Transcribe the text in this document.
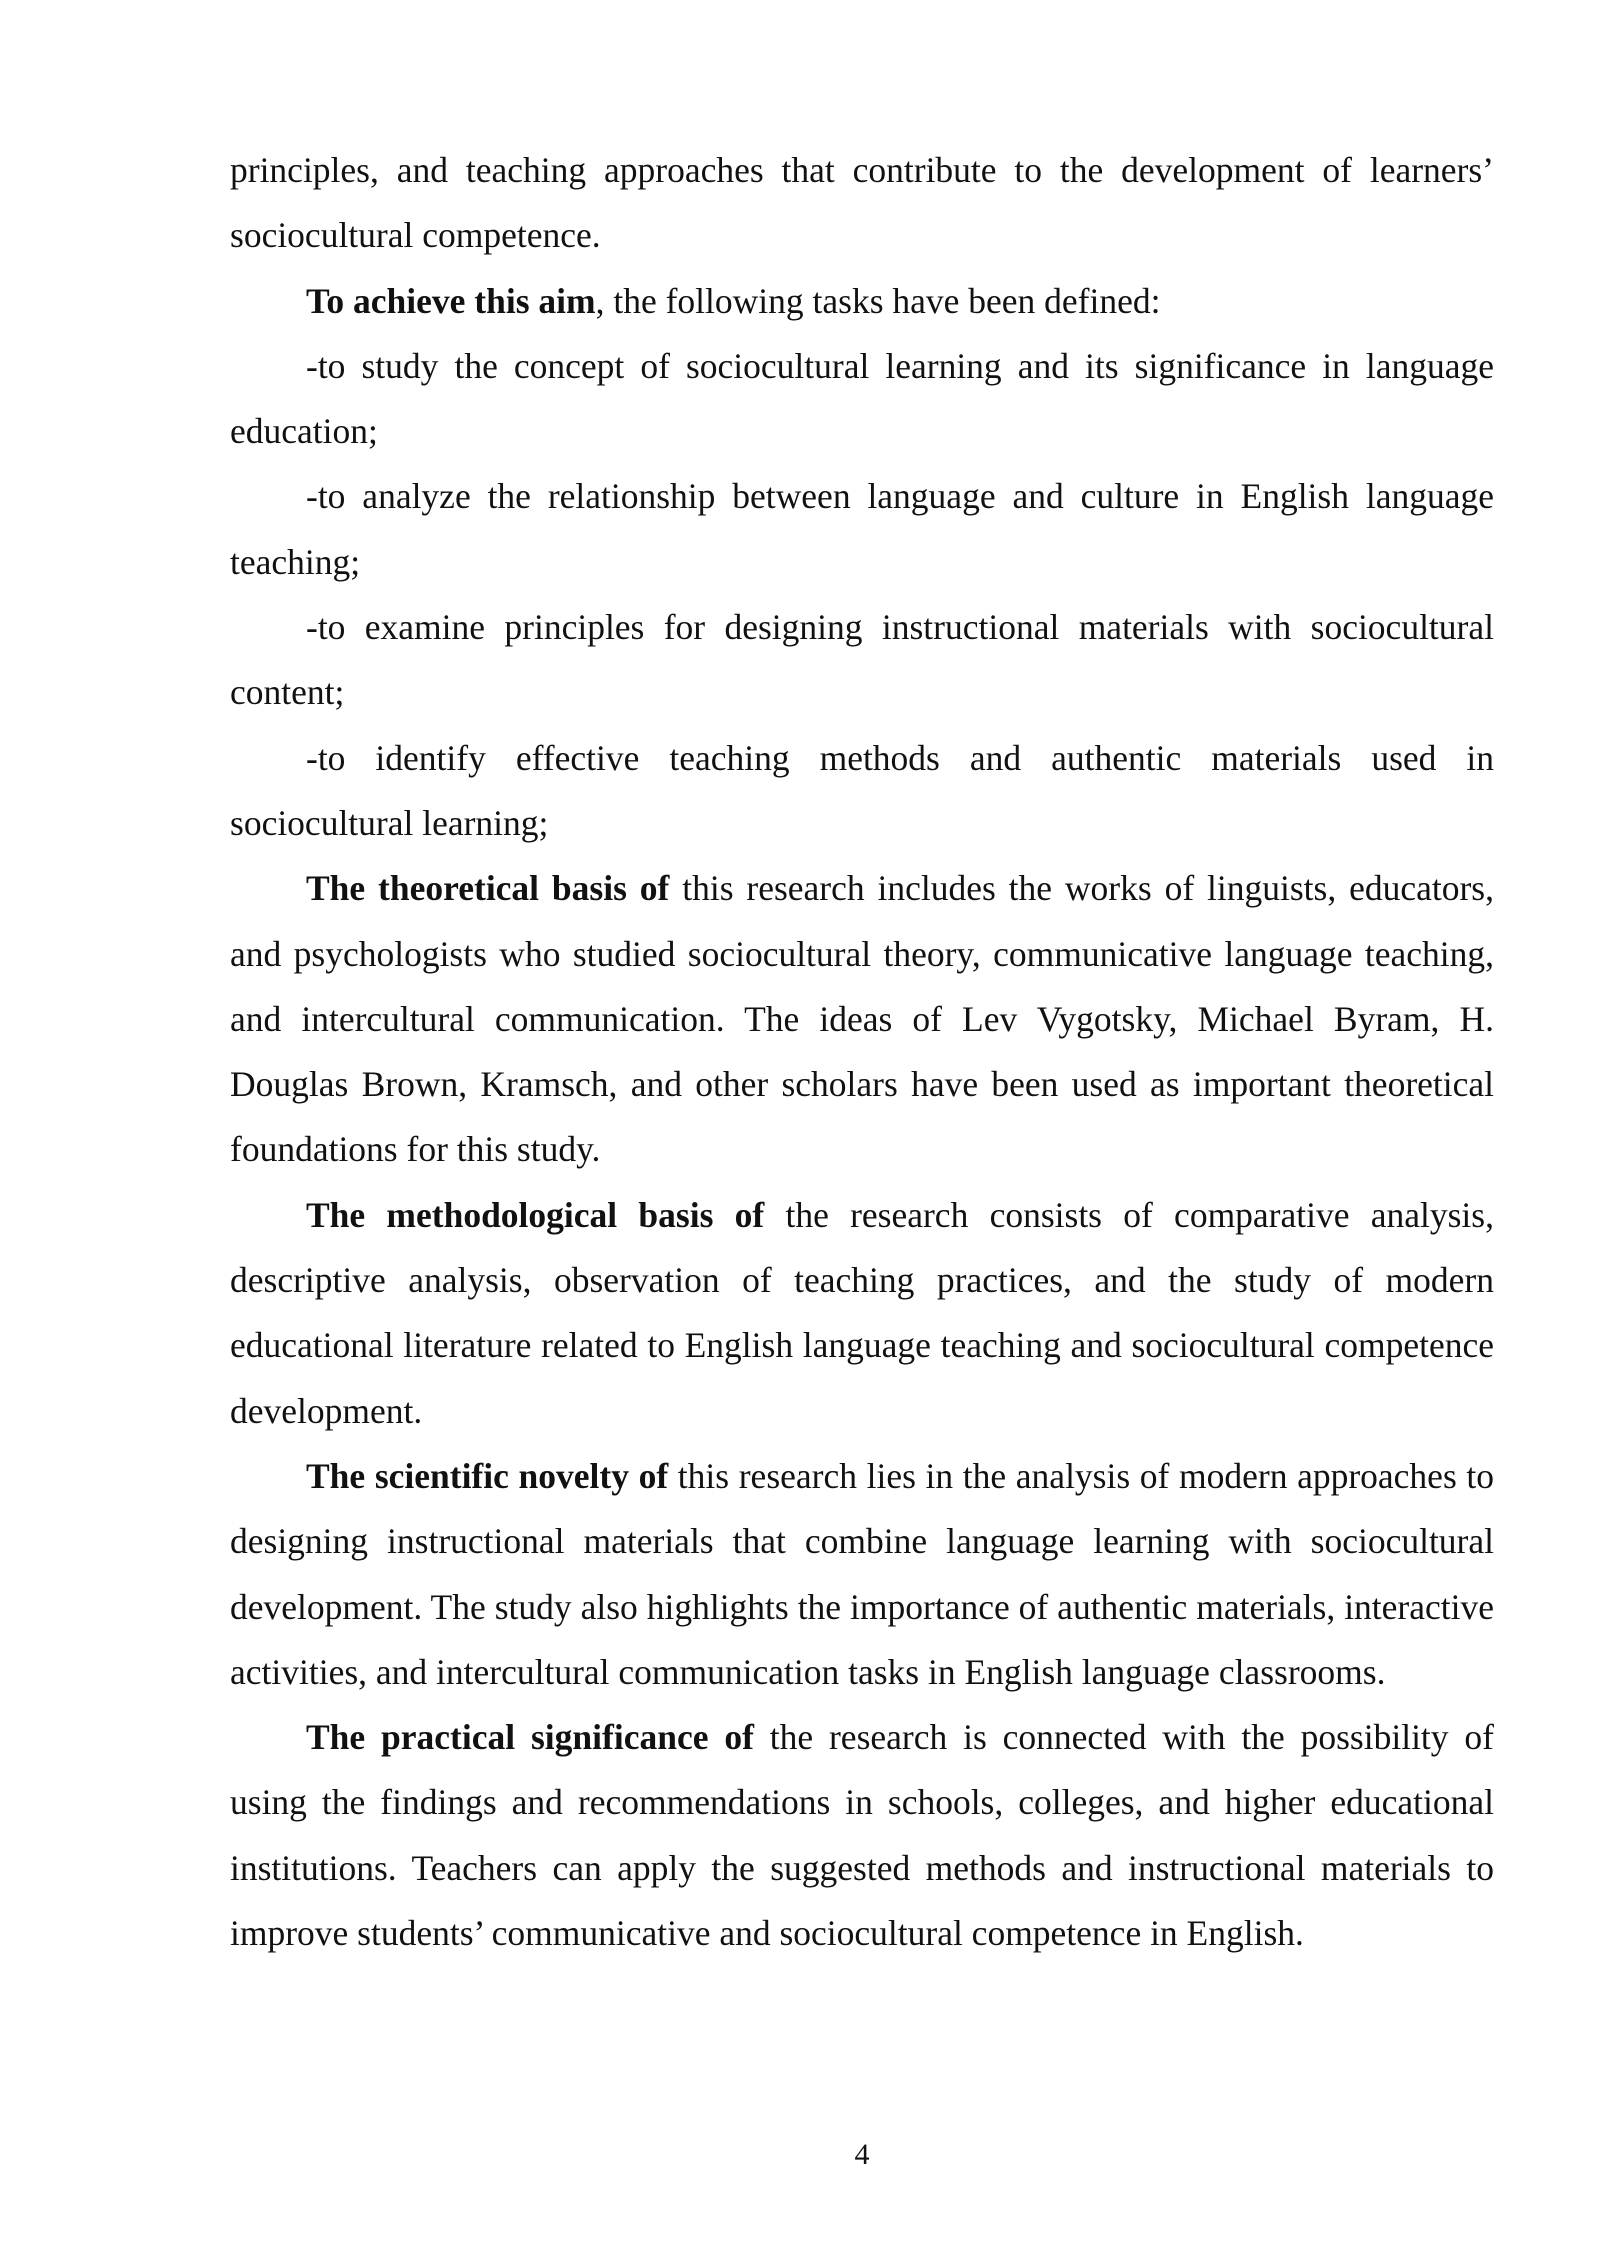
principles, and teaching approaches that contribute to the development of learners’ sociocultural competence.

To achieve this aim, the following tasks have been defined:

-to study the concept of sociocultural learning and its significance in language education;

-to analyze the relationship between language and culture in English language teaching;

-to examine principles for designing instructional materials with sociocultural content;

-to identify effective teaching methods and authentic materials used in sociocultural learning;

The theoretical basis of this research includes the works of linguists, educators, and psychologists who studied sociocultural theory, communicative language teaching, and intercultural communication. The ideas of Lev Vygotsky, Michael Byram, H. Douglas Brown, Kramsch, and other scholars have been used as important theoretical foundations for this study.

The methodological basis of the research consists of comparative analysis, descriptive analysis, observation of teaching practices, and the study of modern educational literature related to English language teaching and sociocultural competence development.

The scientific novelty of this research lies in the analysis of modern approaches to designing instructional materials that combine language learning with sociocultural development. The study also highlights the importance of authentic materials, interactive activities, and intercultural communication tasks in English language classrooms.

The practical significance of the research is connected with the possibility of using the findings and recommendations in schools, colleges, and higher educational institutions. Teachers can apply the suggested methods and instructional materials to improve students’ communicative and sociocultural competence in English.

4
